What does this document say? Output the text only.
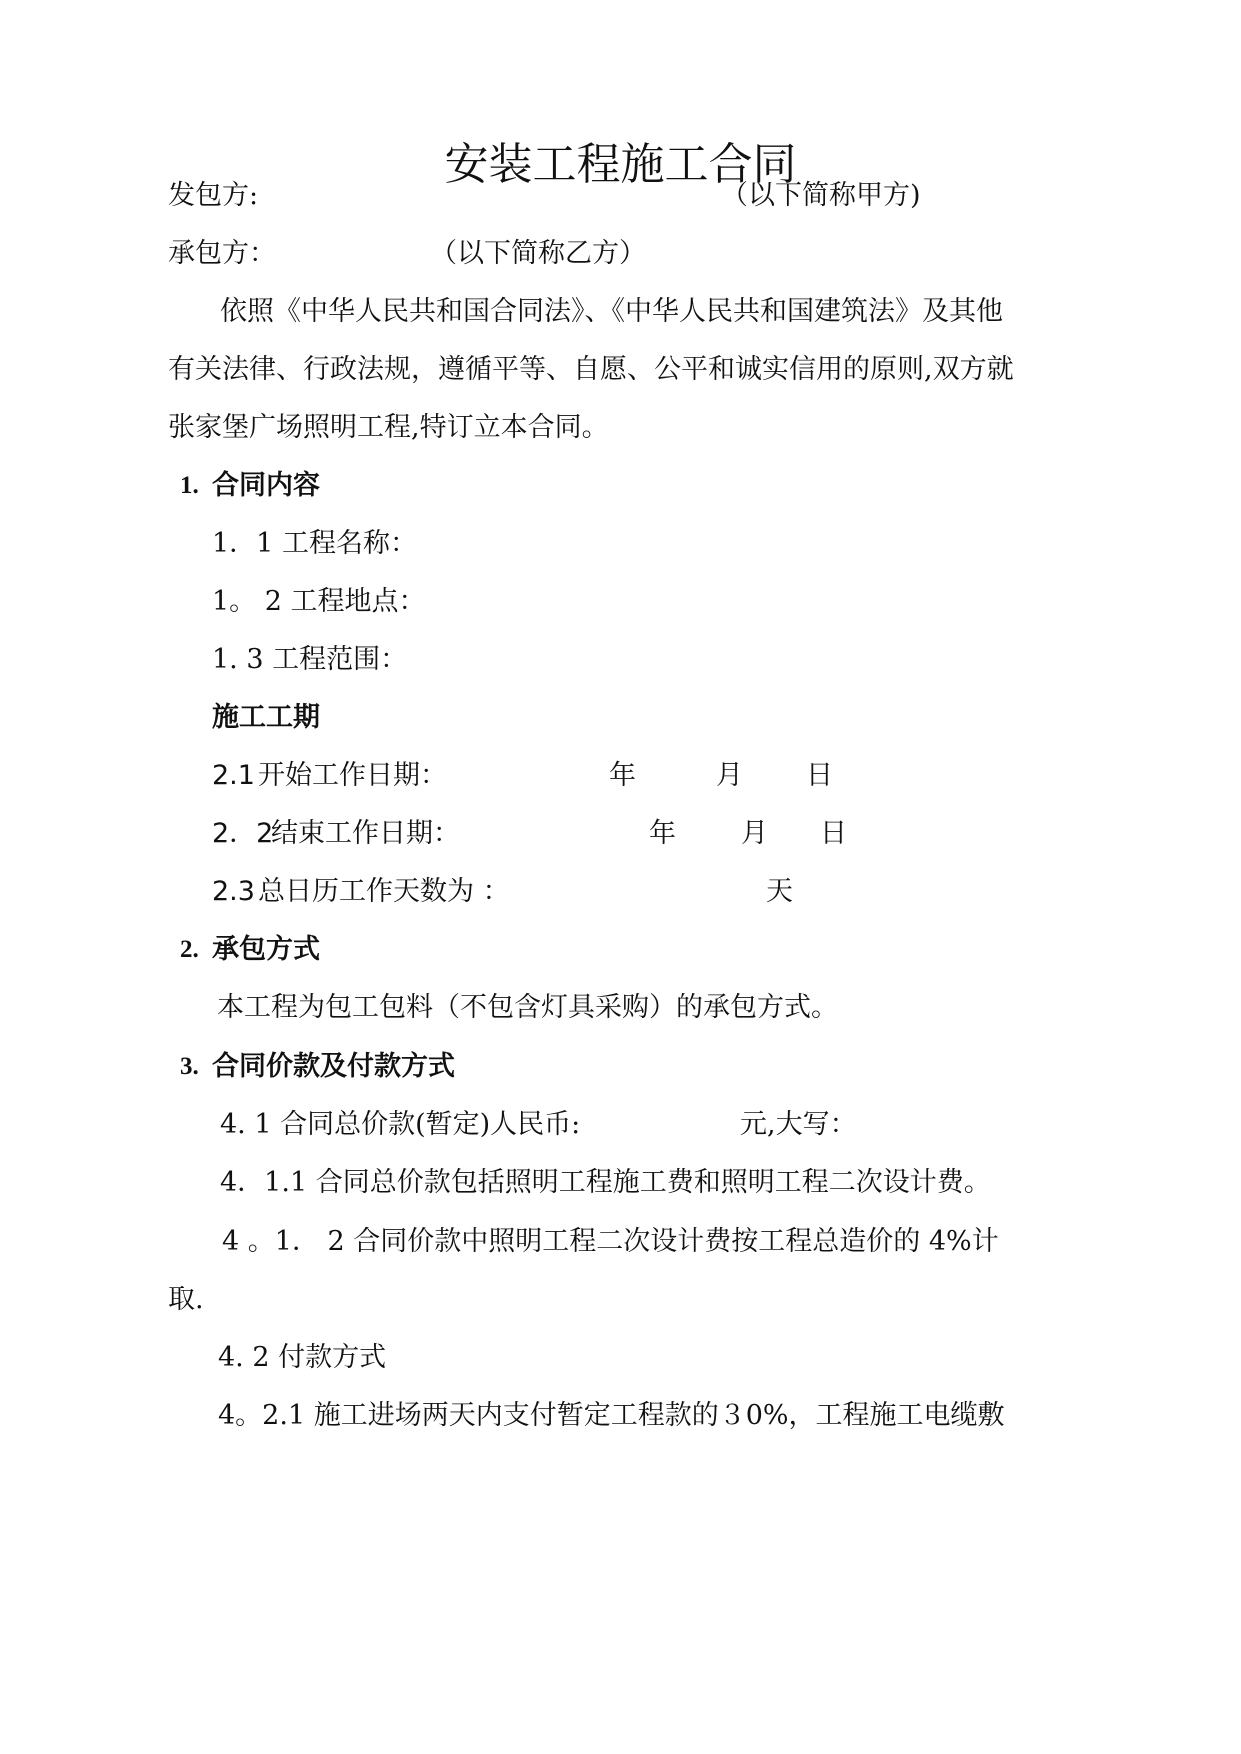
安装工程施工合同
发包方:	（以下简称甲方)
承包方：	（以下简称乙方）
依照《中华人民共和国合同法》、《中华人民共和国建筑法》及其他
有关法律、行政法规，遵循平等、自愿、公平和诚实信用的原则,双方就
张家堡广场照明工程,特订立本合同。
1. 合同内容
1．1 工程名称：
1。 2 工程地点：
1. 3 工程范围：
施工工期
2.1 开始工作日期：	年	月 日
2．2
结束工作日期：	年 月 日
2.3 总日历工作天数为 ：	天
2. 承包方式
本工程为包工包料（不包含灯具采购）的承包方式。
3. 合同价款及付款方式
4. 1 合同总价款(暂定)人民币:	元,大写：
4．1.1 合同总价款包括照明工程施工费和照明工程二次设计费。
4 。1． 2 合同价款中照明工程二次设计费按工程总造价的 4%计
取.
4. 2 付款方式
4。2.1 施工进场两天内支付暂定工程款的３0%，工程施工电缆敷
